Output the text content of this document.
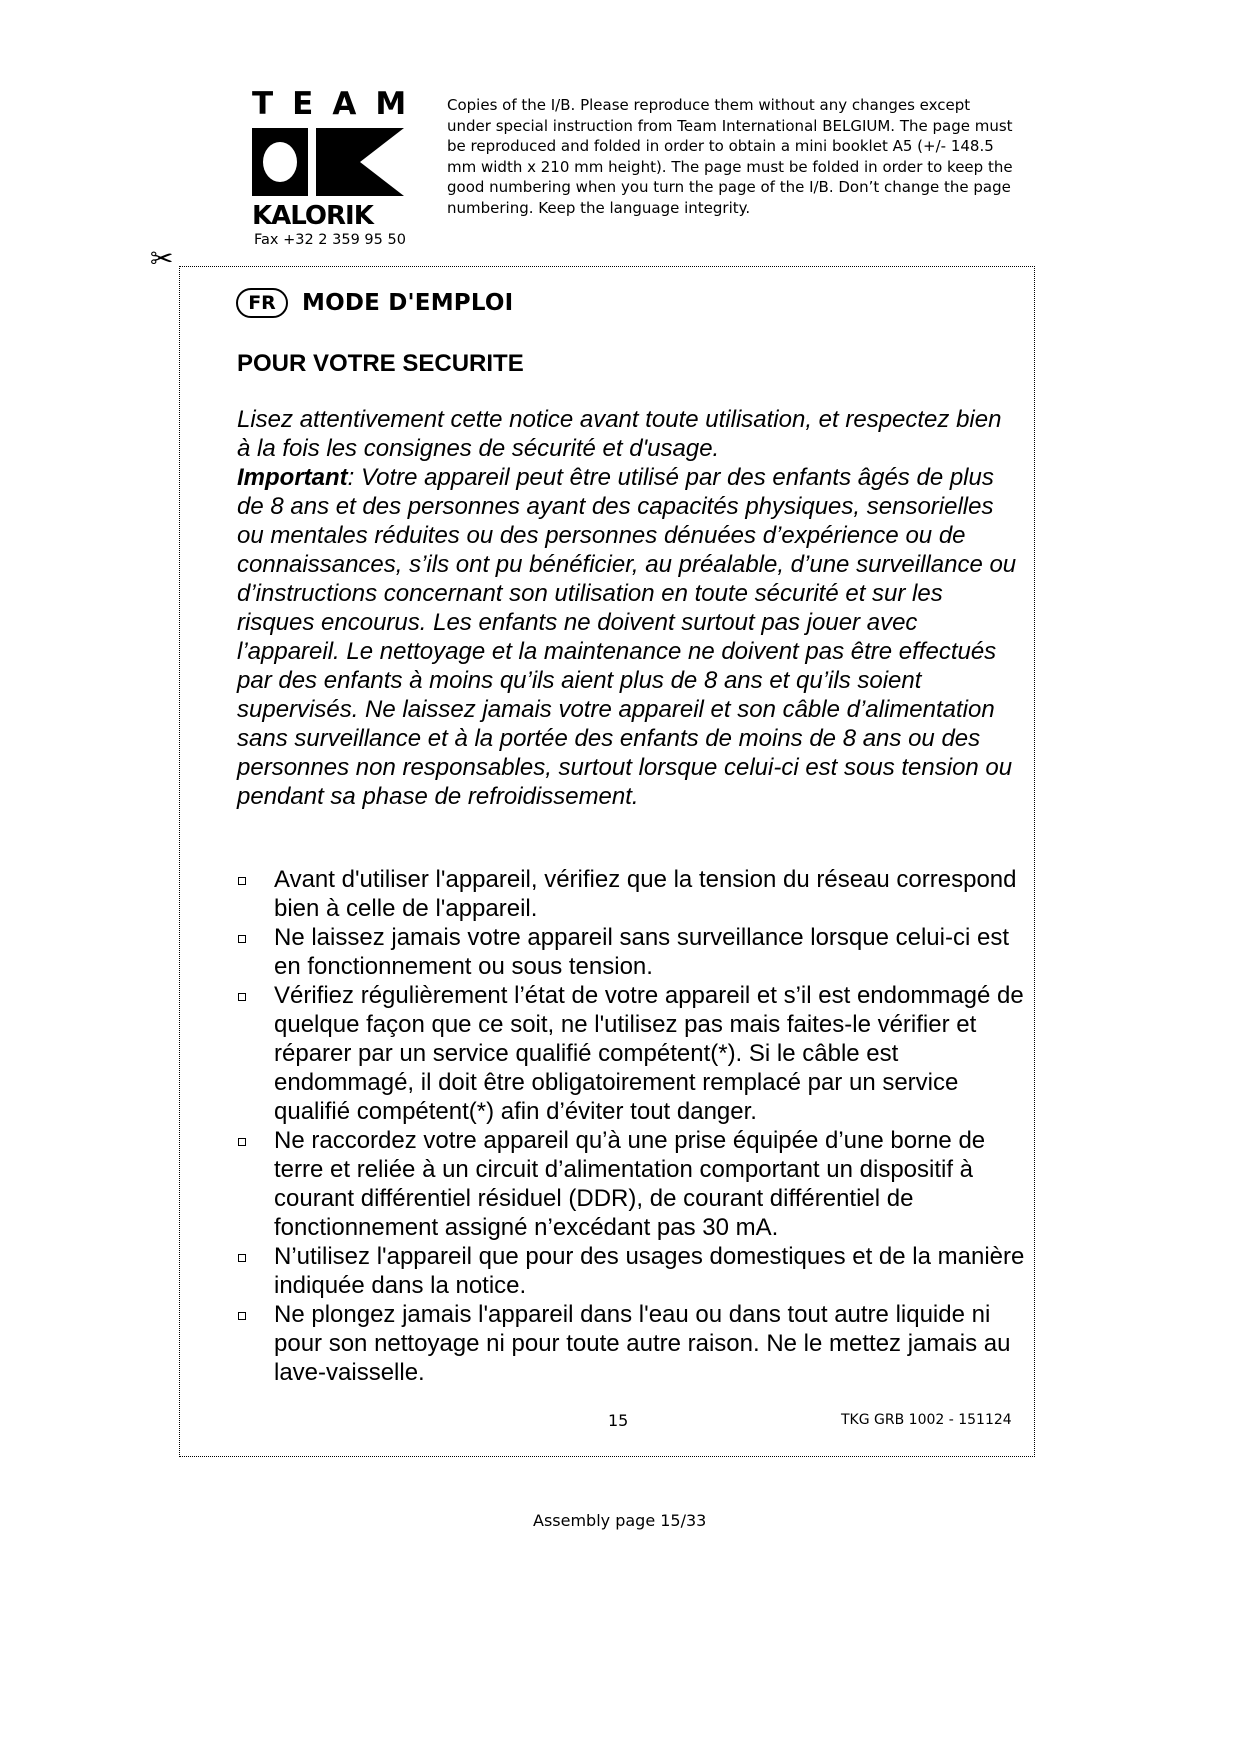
TEAM
KALORIK
Fax +32 2 359 95 50
Copies of the I/B. Please reproduce them without any changes except under special instruction from Team International BELGIUM. The page must be reproduced and folded in order to obtain a mini booklet A5 (+/- 148.5 mm width x 210 mm height). The page must be folded in order to keep the good numbering when you turn the page of the I/B. Don’t change the page numbering. Keep the language integrity.
✂
FR	MODE D'EMPLOI
POUR VOTRE SECURITE

Lisez attentivement cette notice avant toute utilisation, et respectez bien à la fois les consignes de sécurité et d'usage.
Important: Votre appareil peut être utilisé par des enfants âgés de plus de 8 ans et des personnes ayant des capacités physiques, sensorielles ou mentales réduites ou des personnes dénuées d’expérience ou de connaissances, s’ils ont pu bénéficier, au préalable, d’une surveillance ou d’instructions concernant son utilisation en toute sécurité et sur les risques encourus. Les enfants ne doivent surtout pas jouer avec l’appareil. Le nettoyage et la maintenance ne doivent pas être effectués par des enfants à moins qu’ils aient plus de 8 ans et qu’ils soient supervisés. Ne laissez jamais votre appareil et son câble d’alimentation sans surveillance et à la portée des enfants de moins de 8 ans ou des personnes non responsables, surtout lorsque celui-ci est sous tension ou pendant sa phase de refroidissement.

Avant d'utiliser l'appareil, vérifiez que la tension du réseau correspond bien à celle de l'appareil.
Ne laissez jamais votre appareil sans surveillance lorsque celui-ci est en fonctionnement ou sous tension.
Vérifiez régulièrement l’état de votre appareil et s’il est endommagé de quelque façon que ce soit, ne l'utilisez pas mais faites-le vérifier et réparer par un service qualifié compétent(*). Si le câble est endommagé, il doit être obligatoirement remplacé par un service qualifié compétent(*) afin d’éviter tout danger.
Ne raccordez votre appareil qu’à une prise équipée d’une borne de terre et reliée à un circuit d’alimentation comportant un dispositif à courant différentiel résiduel (DDR), de courant différentiel de fonctionnement assigné n’excédant pas 30 mA.
N’utilisez l'appareil que pour des usages domestiques et de la manière indiquée dans la notice.
Ne plongez jamais l'appareil dans l'eau ou dans tout autre liquide ni pour son nettoyage ni pour toute autre raison. Ne le mettez jamais au lave-vaisselle.
15	TKG GRB 1002 - 151124
Assembly page 15/33
